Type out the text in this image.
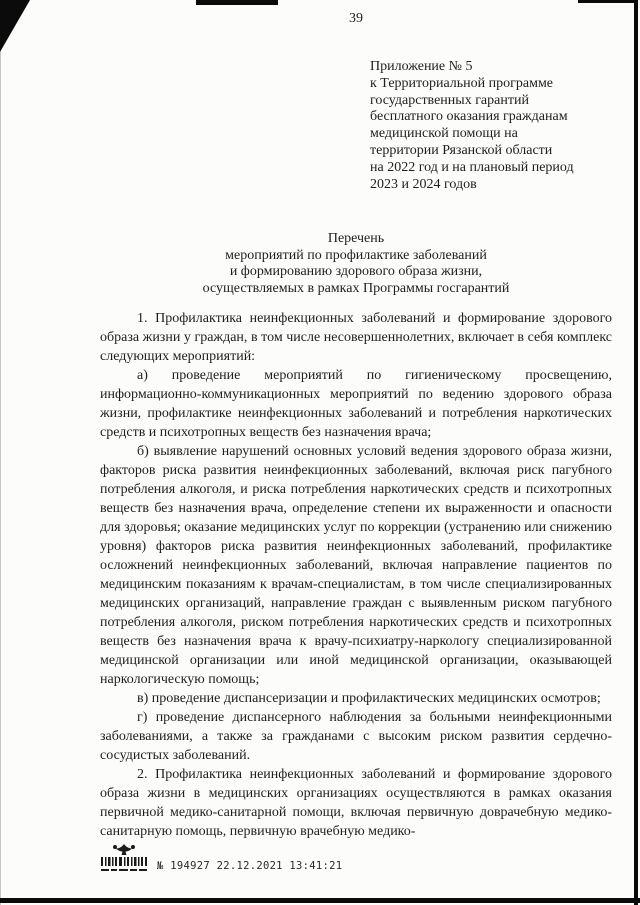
39
Приложение № 5
к Территориальной программе
государственных гарантий
бесплатного оказания гражданам
медицинской помощи на
территории Рязанской области
на 2022 год и на плановый период
2023 и 2024 годов
Перечень
мероприятий по профилактике заболеваний
и формированию здорового образа жизни,
осуществляемых в рамках Программы госгарантий

1. Профилактика неинфекционных заболеваний и формирование здорового образа жизни у граждан, в том числе несовершеннолетних, включает в себя комплекс следующих мероприятий:

а) проведение мероприятий по гигиеническому просвещению, информационно-коммуникационных мероприятий по ведению здорового образа жизни, профилактике неинфекционных заболеваний и потребления наркотических средств и психотропных веществ без назначения врача;

б) выявление нарушений основных условий ведения здорового образа жизни, факторов риска развития неинфекционных заболеваний, включая риск пагубного потребления алкоголя, и риска потребления наркотических средств и психотропных веществ без назначения врача, определение степени их выраженности и опасности для здоровья; оказание медицинских услуг по коррекции (устранению или снижению уровня) факторов риска развития неинфекционных заболеваний, профилактике осложнений неинфекционных заболеваний, включая направление пациентов по медицинским показаниям к врачам-специалистам, в том числе специализированных медицинских организаций, направление граждан с выявленным риском пагубного потребления алкоголя, риском потребления наркотических средств и психотропных веществ без назначения врача к врачу-психиатру-наркологу специализированной медицинской организации или иной медицинской организации, оказывающей наркологическую помощь;

в) проведение диспансеризации и профилактических медицинских осмотров;

г) проведение диспансерного наблюдения за больными неинфекционными заболеваниями, а также за гражданами с высоким риском развития сердечно-сосудистых заболеваний.

2. Профилактика неинфекционных заболеваний и формирование здорового образа жизни в медицинских организациях осуществляются в рамках оказания первичной медико-санитарной помощи, включая первичную доврачебную медико-санитарную помощь, первичную врачебную медико-

№ 194927 22.12.2021 13:41:21
